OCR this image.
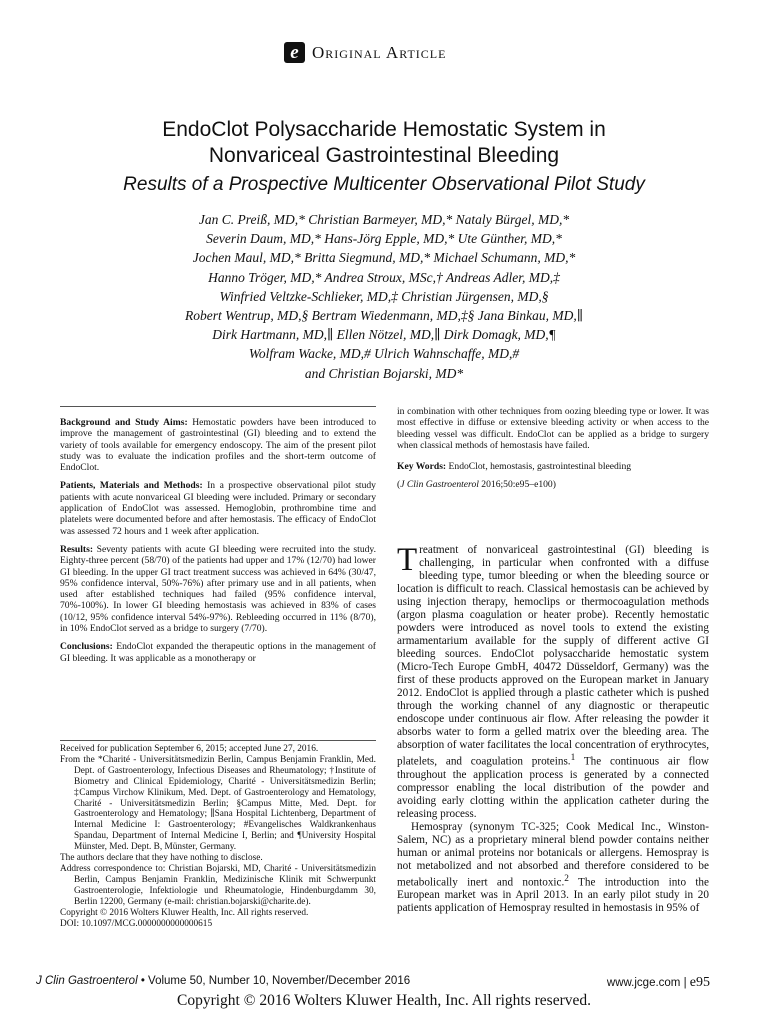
e Original Article
EndoClot Polysaccharide Hemostatic System in
Nonvariceal Gastrointestinal Bleeding
Results of a Prospective Multicenter Observational Pilot Study
Jan C. Preiß, MD,* Christian Barmeyer, MD,* Nataly Bürgel, MD,*
Severin Daum, MD,* Hans-Jörg Epple, MD,* Ute Günther, MD,*
Jochen Maul, MD,* Britta Siegmund, MD,* Michael Schumann, MD,*
Hanno Tröger, MD,* Andrea Stroux, MSc,† Andreas Adler, MD,‡
Winfried Veltzke-Schlieker, MD,‡ Christian Jürgensen, MD,§
Robert Wentrup, MD,§ Bertram Wiedenmann, MD,‡§ Jana Binkau, MD,∥
Dirk Hartmann, MD,∥ Ellen Nötzel, MD,∥ Dirk Domagk, MD,¶
Wolfram Wacke, MD,# Ulrich Wahnschaffe, MD,#
and Christian Bojarski, MD*

Background and Study Aims: Hemostatic powders have been introduced to improve the management of gastrointestinal (GI) bleeding and to extend the variety of tools available for emergency endoscopy. The aim of the present pilot study was to evaluate the indication profiles and the short-term outcome of EndoClot.

Patients, Materials and Methods: In a prospective observational pilot study patients with acute nonvariceal GI bleeding were included. Primary or secondary application of EndoClot was assessed. Hemoglobin, prothrombine time and platelets were documented before and after hemostasis. The efficacy of EndoClot was assessed 72 hours and 1 week after application.

Results: Seventy patients with acute GI bleeding were recruited into the study. Eighty-three percent (58/70) of the patients had upper and 17% (12/70) had lower GI bleeding. In the upper GI tract treatment success was achieved in 64% (30/47, 95% confidence interval, 50%-76%) after primary use and in all patients, when used after established techniques had failed (95% confidence interval, 70%-100%). In lower GI bleeding hemostasis was achieved in 83% of cases (10/12, 95% confidence interval 54%-97%). Rebleeding occurred in 11% (8/70), in 10% EndoClot served as a bridge to surgery (7/70).

Conclusions: EndoClot expanded the therapeutic options in the management of GI bleeding. It was applicable as a monotherapy or

in combination with other techniques from oozing bleeding type or lower. It was most effective in diffuse or extensive bleeding activity or when access to the bleeding vessel was difficult. EndoClot can be applied as a bridge to surgery when classical methods of hemostasis have failed.

Key Words: EndoClot, hemostasis, gastrointestinal bleeding

(J Clin Gastroenterol 2016;50:e95–e100)

Received for publication September 6, 2015; accepted June 27, 2016.

From the *Charité - Universitätsmedizin Berlin, Campus Benjamin Franklin, Med. Dept. of Gastroenterology, Infectious Diseases and Rheumatology; †Institute of Biometry and Clinical Epidemiology, Charité - Universitätsmedizin Berlin; ‡Campus Virchow Klinikum, Med. Dept. of Gastroenterology and Hematology, Charité - Universitätsmedizin Berlin; §Campus Mitte, Med. Dept. for Gastroenterology and Hematology; ∥Sana Hospital Lichtenberg, Department of Internal Medicine I: Gastroenterology; #Evangelisches Waldkrankenhaus Spandau, Department of Internal Medicine I, Berlin; and ¶University Hospital Münster, Med. Dept. B, Münster, Germany.

The authors declare that they have nothing to disclose.

Address correspondence to: Christian Bojarski, MD, Charité - Universitätsmedizin Berlin, Campus Benjamin Franklin, Medizinische Klinik mit Schwerpunkt Gastroenterologie, Infektiologie und Rheumatologie, Hindenburgdamm 30, Berlin 12200, Germany (e-mail: christian.bojarski@charite.de).

Copyright © 2016 Wolters Kluwer Health, Inc. All rights reserved.

DOI: 10.1097/MCG.0000000000000615

Treatment of nonvariceal gastrointestinal (GI) bleeding is challenging, in particular when confronted with a diffuse bleeding type, tumor bleeding or when the bleeding source or location is difficult to reach. Classical hemostasis can be achieved by using injection therapy, hemoclips or thermocoagulation methods (argon plasma coagulation or heater probe). Recently hemostatic powders were introduced as novel tools to extend the existing armamentarium available for the supply of different active GI bleeding sources. EndoClot polysaccharide hemostatic system (Micro-Tech Europe GmbH, 40472 Düsseldorf, Germany) was the first of these products approved on the European market in January 2012. EndoClot is applied through a plastic catheter which is pushed through the working channel of any diagnostic or therapeutic endoscope under continuous air flow. After releasing the powder it absorbs water to form a gelled matrix over the bleeding area. The absorption of water facilitates the local concentration of erythrocytes, platelets, and coagulation proteins.$^1$ The continuous air flow throughout the application process is generated by a connected compressor enabling the local distribution of the powder and avoiding early clotting within the application catheter during the releasing process.

Hemospray (synonym TC-325; Cook Medical Inc., Winston-Salem, NC) as a proprietary mineral blend powder contains neither human or animal proteins nor botanicals or allergens. Hemospray is not metabolized and not absorbed and therefore considered to be metabolically inert and nontoxic.$^2$ The introduction into the European market was in April 2013. In an early pilot study in 20 patients application of Hemospray resulted in hemostasis in 95% of

J Clin Gastroenterol • Volume 50, Number 10, November/December 2016	www.jcge.com | e95
Copyright © 2016 Wolters Kluwer Health, Inc. All rights reserved.
